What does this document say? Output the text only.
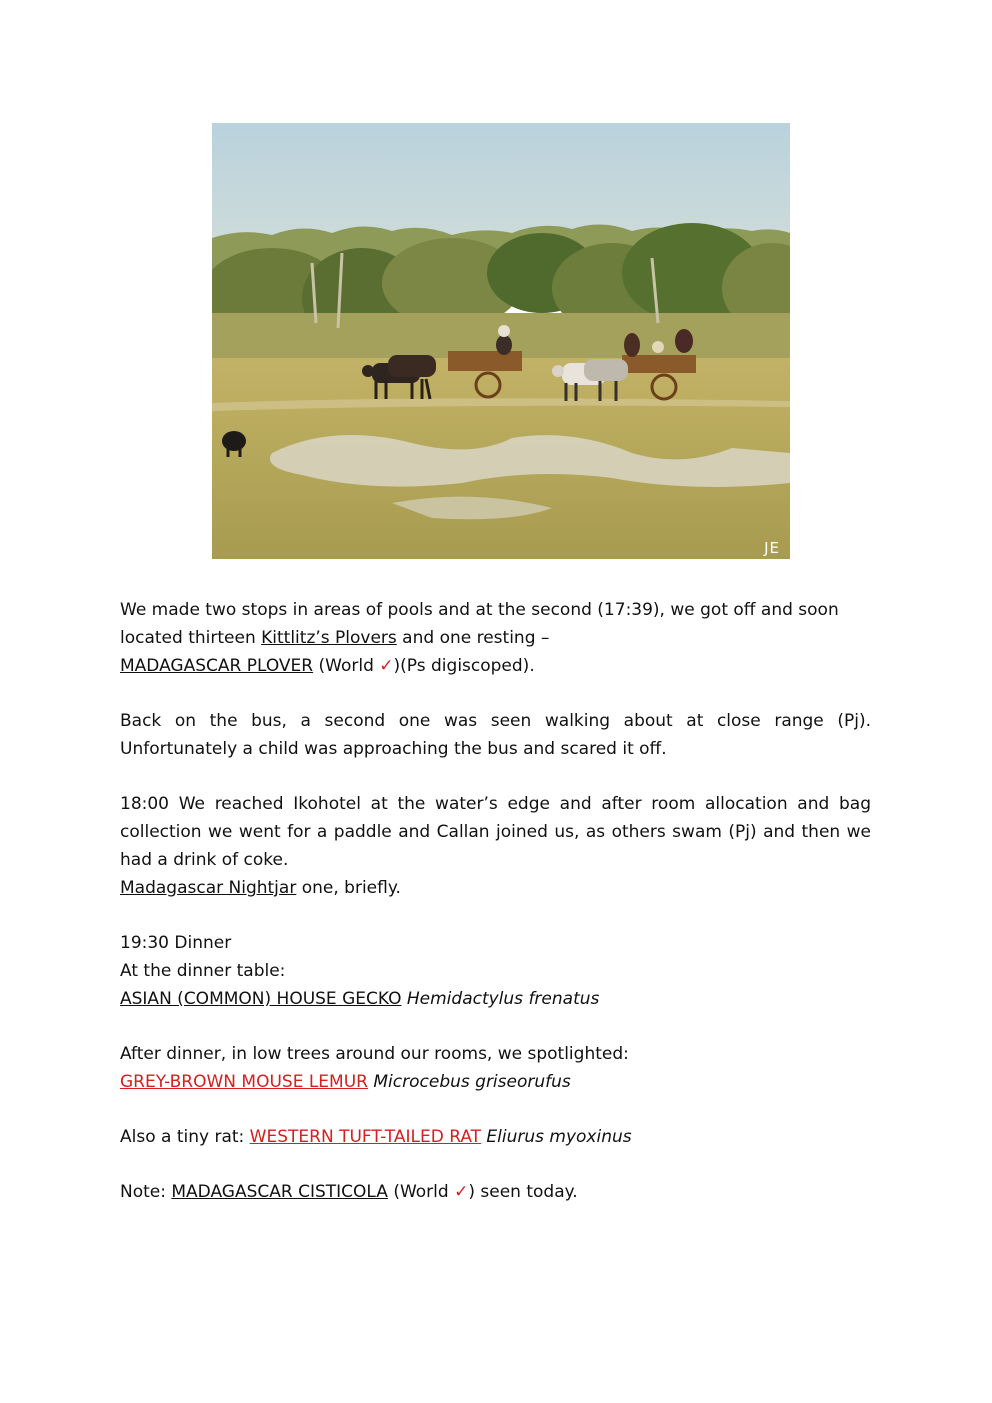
JE

We made two stops in areas of pools and at the second (17:39), we got off and soon located thirteen Kittlitz’s Plovers and one resting –
MADAGASCAR PLOVER (World ✓)(Ps digiscoped).

Back on the bus, a second one was seen walking about at close range (Pj). Unfortunately a child was approaching the bus and scared it off.

18:00 We reached Ikohotel at the water’s edge and after room allocation and bag collection we went for a paddle and Callan joined us, as others swam (Pj) and then we had a drink of coke.
Madagascar Nightjar one, briefly.

19:30 Dinner
At the dinner table:
ASIAN (COMMON) HOUSE GECKO Hemidactylus frenatus

After dinner, in low trees around our rooms, we spotlighted:
GREY-BROWN MOUSE LEMUR Microcebus griseorufus

Also a tiny rat: WESTERN TUFT-TAILED RAT Eliurus myoxinus

Note: MADAGASCAR CISTICOLA (World ✓) seen today.
